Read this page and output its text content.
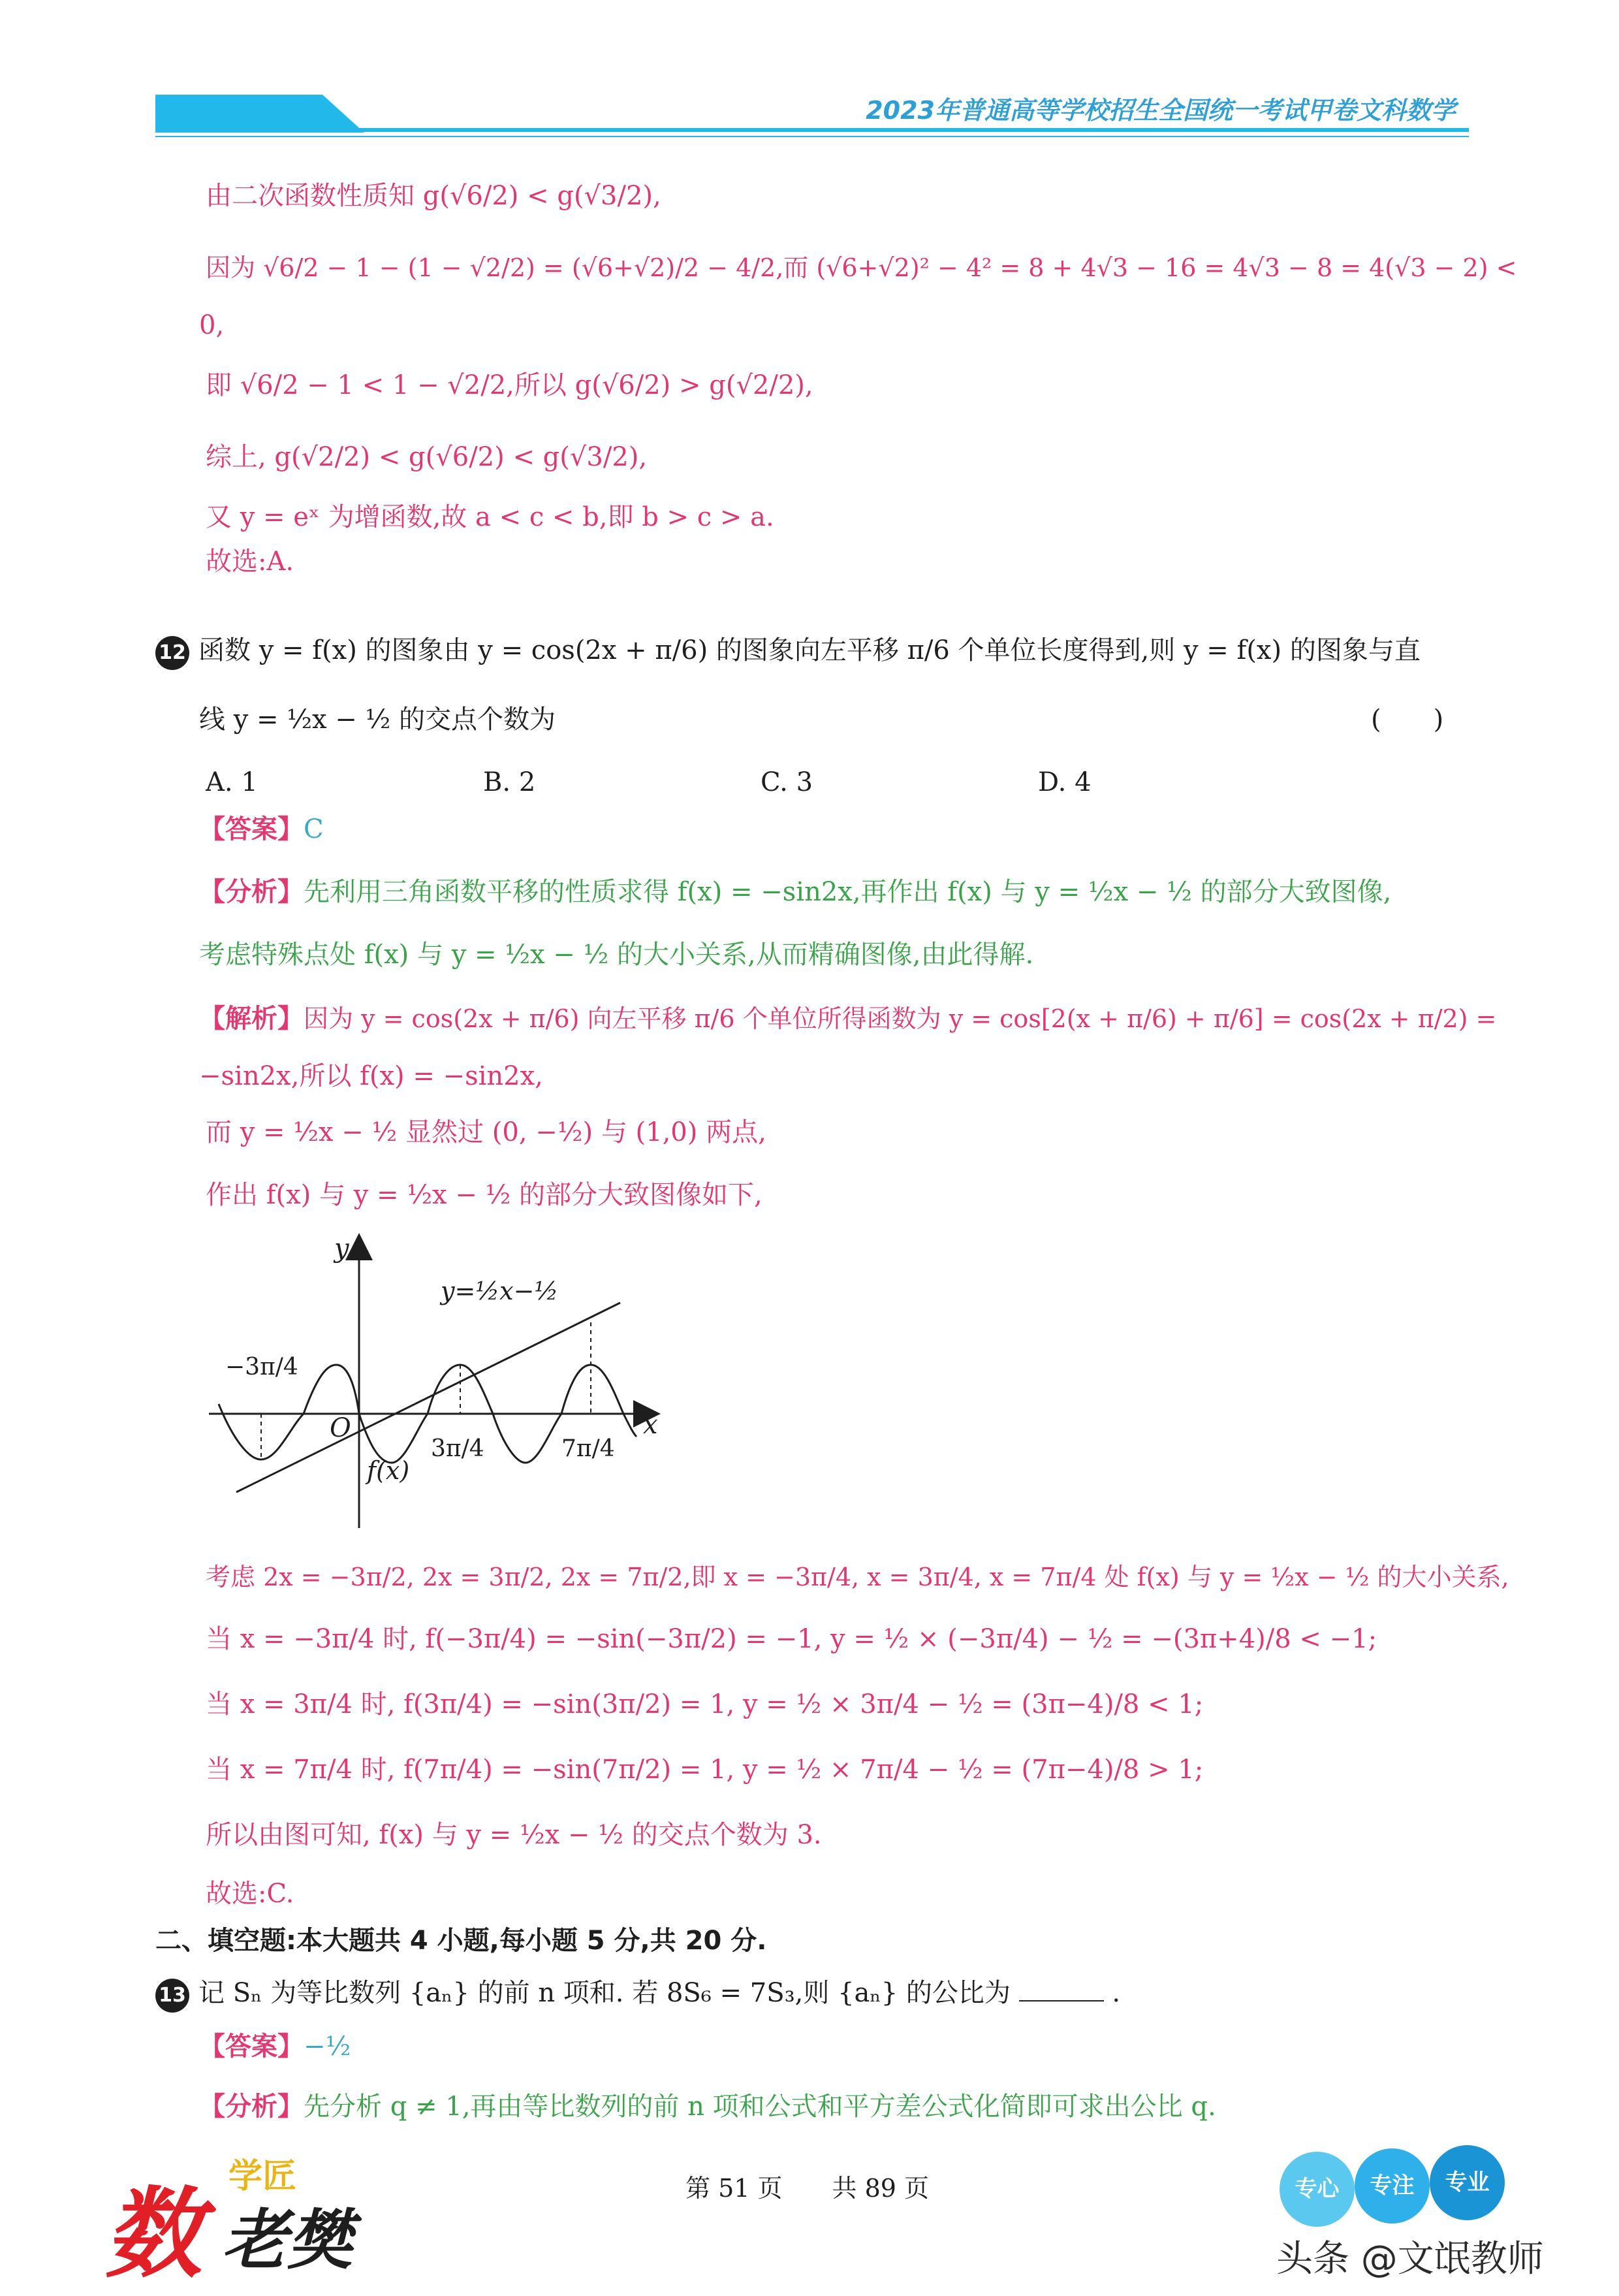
2023年普通高等学校招生全国统一考试甲卷文科数学
由二次函数性质知 g(√6/2) < g(√3/2),
因为 √6/2 − 1 − (1 − √2/2) = (√6+√2)/2 − 4/2,而 (√6+√2)² − 4² = 8 + 4√3 − 16 = 4√3 − 8 = 4(√3 − 2) <
0,
即 √6/2 − 1 < 1 − √2/2,所以 g(√6/2) > g(√2/2),
综上, g(√2/2) < g(√6/2) < g(√3/2),
又 y = eˣ 为增函数,故 a < c < b,即 b > c > a.
故选:A.
12 函数 y = f(x) 的图象由 y = cos(2x + π/6) 的图象向左平移 π/6 个单位长度得到,则 y = f(x) 的图象与直
线 y = ½x − ½ 的交点个数为	(　　)
A. 1	B. 2	C. 3	D. 4
【答案】C
【分析】先利用三角函数平移的性质求得 f(x) = −sin2x,再作出 f(x) 与 y = ½x − ½ 的部分大致图像,
考虑特殊点处 f(x) 与 y = ½x − ½ 的大小关系,从而精确图像,由此得解.
【解析】因为 y = cos(2x + π/6) 向左平移 π/6 个单位所得函数为 y = cos[2(x + π/6) + π/6] = cos(2x + π/2) =
−sin2x,所以 f(x) = −sin2x,
而 y = ½x − ½ 显然过 (0, −½) 与 (1,0) 两点,
作出 f(x) 与 y = ½x − ½ 的部分大致图像如下,
y
x
O
y=½x−½
f(x)
−3π/4
3π/4	7π/4
考虑 2x = −3π/2, 2x = 3π/2, 2x = 7π/2,即 x = −3π/4, x = 3π/4, x = 7π/4 处 f(x) 与 y = ½x − ½ 的大小关系,
当 x = −3π/4 时, f(−3π/4) = −sin(−3π/2) = −1, y = ½ × (−3π/4) − ½ = −(3π+4)/8 < −1;
当 x = 3π/4 时, f(3π/4) = −sin(3π/2) = 1, y = ½ × 3π/4 − ½ = (3π−4)/8 < 1;
当 x = 7π/4 时, f(7π/4) = −sin(7π/2) = 1, y = ½ × 7π/4 − ½ = (7π−4)/8 > 1;
所以由图可知, f(x) 与 y = ½x − ½ 的交点个数为 3.
故选:C.
二、填空题:本大题共 4 小题,每小题 5 分,共 20 分.
13 记 Sₙ 为等比数列 {aₙ} 的前 n 项和. 若 8S₆ = 7S₃,则 {aₙ} 的公比为	.
【答案】−½
【分析】先分析 q ≠ 1,再由等比数列的前 n 项和公式和平方差公式化简即可求出公比 q.
数
学匠
老樊
第 51 页　　共 89 页	专心	专注	专业
头条 @文氓教师
